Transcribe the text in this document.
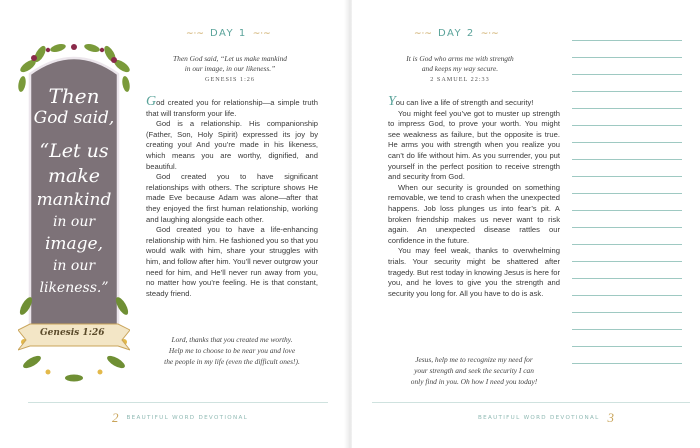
Then
God said,
“Let us
make
mankind
in our
image,
in our
likeness.”
Genesis 1:26
~·~ DAY 1 ~·~
Then God said, “Let us make mankind
in our image, in our likeness.”
GENESIS 1:26

God created you for relationship—a simple truth that will transform your life.

God is a relationship. His companionship (Father, Son, Holy Spirit) expressed its joy by creating you! And you’re made in his likeness, which means you are worthy, dignified, and beautiful.

God created you to have significant relationships with others. The scripture shows He made Eve because Adam was alone—after that they enjoyed the first human relationship, working and laughing alongside each other.

God created you to have a life-enhancing relationship with him. He fashioned you so that you would walk with him, share your struggles with him, and follow after him. You’ll never outgrow your need for him, and He’ll never run away from you, no matter how you’re feeling. He is that constant, steady friend.

Lord, thanks that you created me worthy.
Help me to choose to be near you and love
the people in my life (even the difficult ones!).
2 BEAUTIFUL WORD DEVOTIONAL
~·~ DAY 2 ~·~
It is God who arms me with strength
and keeps my way secure.
2 SAMUEL 22:33

You can live a life of strength and security!

You might feel you’ve got to muster up strength to impress God, to prove your worth. You might see weakness as failure, but the opposite is true. He arms you with strength when you realize you can’t do life without him. As you surrender, you put yourself in the perfect position to receive strength and security from God.

When our security is grounded on something removable, we tend to crash when the unexpected happens. Job loss plunges us into fear’s pit. A broken friendship makes us never want to risk again. An unexpected disease rattles our confidence in the future.

You may feel weak, thanks to overwhelming trials. Your security might be shattered after tragedy. But rest today in knowing Jesus is here for you, and he loves to give you the strength and security you long for. All you have to do is ask.

Jesus, help me to recognize my need for
your strength and seek the security I can
only find in you. Oh how I need you today!
BEAUTIFUL WORD DEVOTIONAL 3
